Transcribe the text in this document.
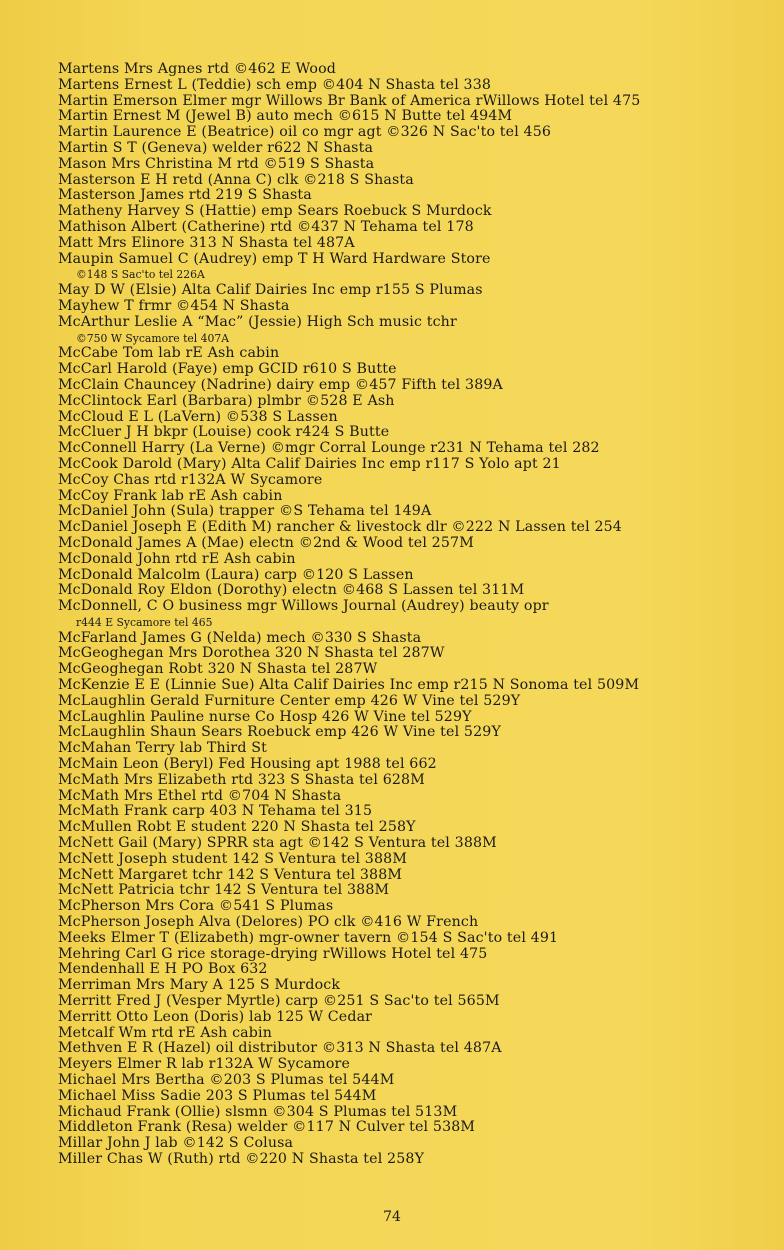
Martens Mrs Agnes rtd ©462 E Wood
Martens Ernest L (Teddie) sch emp ©404 N Shasta tel 338
Martin Emerson Elmer mgr Willows Br Bank of America rWillows Hotel tel 475
Martin Ernest M (Jewel B) auto mech ©615 N Butte tel 494M
Martin Laurence E (Beatrice) oil co mgr agt ©326 N Sac'to tel 456
Martin S T (Geneva) welder r622 N Shasta
Mason Mrs Christina M rtd ©519 S Shasta
Masterson E H retd (Anna C) clk ©218 S Shasta
Masterson James rtd 219 S Shasta
Matheny Harvey S (Hattie) emp Sears Roebuck S Murdock
Mathison Albert (Catherine) rtd ©437 N Tehama tel 178
Matt Mrs Elinore 313 N Shasta tel 487A
Maupin Samuel C (Audrey) emp T H Ward Hardware Store
©148 S Sac'to tel 226A
May D W (Elsie) Alta Calif Dairies Inc emp r155 S Plumas
Mayhew T frmr ©454 N Shasta
McArthur Leslie A “Mac” (Jessie) High Sch music tchr
©750 W Sycamore tel 407A
McCabe Tom lab rE Ash cabin
McCarl Harold (Faye) emp GCID r610 S Butte
McClain Chauncey (Nadrine) dairy emp ©457 Fifth tel 389A
McClintock Earl (Barbara) plmbr ©528 E Ash
McCloud E L (LaVern) ©538 S Lassen
McCluer J H bkpr (Louise) cook r424 S Butte
McConnell Harry (La Verne) ©mgr Corral Lounge r231 N Tehama tel 282
McCook Darold (Mary) Alta Calif Dairies Inc emp r117 S Yolo apt 21
McCoy Chas rtd r132A W Sycamore
McCoy Frank lab rE Ash cabin
McDaniel John (Sula) trapper ©S Tehama tel 149A
McDaniel Joseph E (Edith M) rancher & livestock dlr ©222 N Lassen tel 254
McDonald James A (Mae) electn ©2nd & Wood tel 257M
McDonald John rtd rE Ash cabin
McDonald Malcolm (Laura) carp ©120 S Lassen
McDonald Roy Eldon (Dorothy) electn ©468 S Lassen tel 311M
McDonnell, C O business mgr Willows Journal (Audrey) beauty opr
r444 E Sycamore tel 465
McFarland James G (Nelda) mech ©330 S Shasta
McGeoghegan Mrs Dorothea 320 N Shasta tel 287W
McGeoghegan Robt 320 N Shasta tel 287W
McKenzie E E (Linnie Sue) Alta Calif Dairies Inc emp r215 N Sonoma tel 509M
McLaughlin Gerald Furniture Center emp 426 W Vine tel 529Y
McLaughlin Pauline nurse Co Hosp 426 W Vine tel 529Y
McLaughlin Shaun Sears Roebuck emp 426 W Vine tel 529Y
McMahan Terry lab Third St
McMain Leon (Beryl) Fed Housing apt 1988 tel 662
McMath Mrs Elizabeth rtd 323 S Shasta tel 628M
McMath Mrs Ethel rtd ©704 N Shasta
McMath Frank carp 403 N Tehama tel 315
McMullen Robt E student 220 N Shasta tel 258Y
McNett Gail (Mary) SPRR sta agt ©142 S Ventura tel 388M
McNett Joseph student 142 S Ventura tel 388M
McNett Margaret tchr 142 S Ventura tel 388M
McNett Patricia tchr 142 S Ventura tel 388M
McPherson Mrs Cora ©541 S Plumas
McPherson Joseph Alva (Delores) PO clk ©416 W French
Meeks Elmer T (Elizabeth) mgr-owner tavern ©154 S Sac'to tel 491
Mehring Carl G rice storage-drying rWillows Hotel tel 475
Mendenhall E H PO Box 632
Merriman Mrs Mary A 125 S Murdock
Merritt Fred J (Vesper Myrtle) carp ©251 S Sac'to tel 565M
Merritt Otto Leon (Doris) lab 125 W Cedar
Metcalf Wm rtd rE Ash cabin
Methven E R (Hazel) oil distributor ©313 N Shasta tel 487A
Meyers Elmer R lab r132A W Sycamore
Michael Mrs Bertha ©203 S Plumas tel 544M
Michael Miss Sadie 203 S Plumas tel 544M
Michaud Frank (Ollie) slsmn ©304 S Plumas tel 513M
Middleton Frank (Resa) welder ©117 N Culver tel 538M
Millar John J lab ©142 S Colusa
Miller Chas W (Ruth) rtd ©220 N Shasta tel 258Y
74
